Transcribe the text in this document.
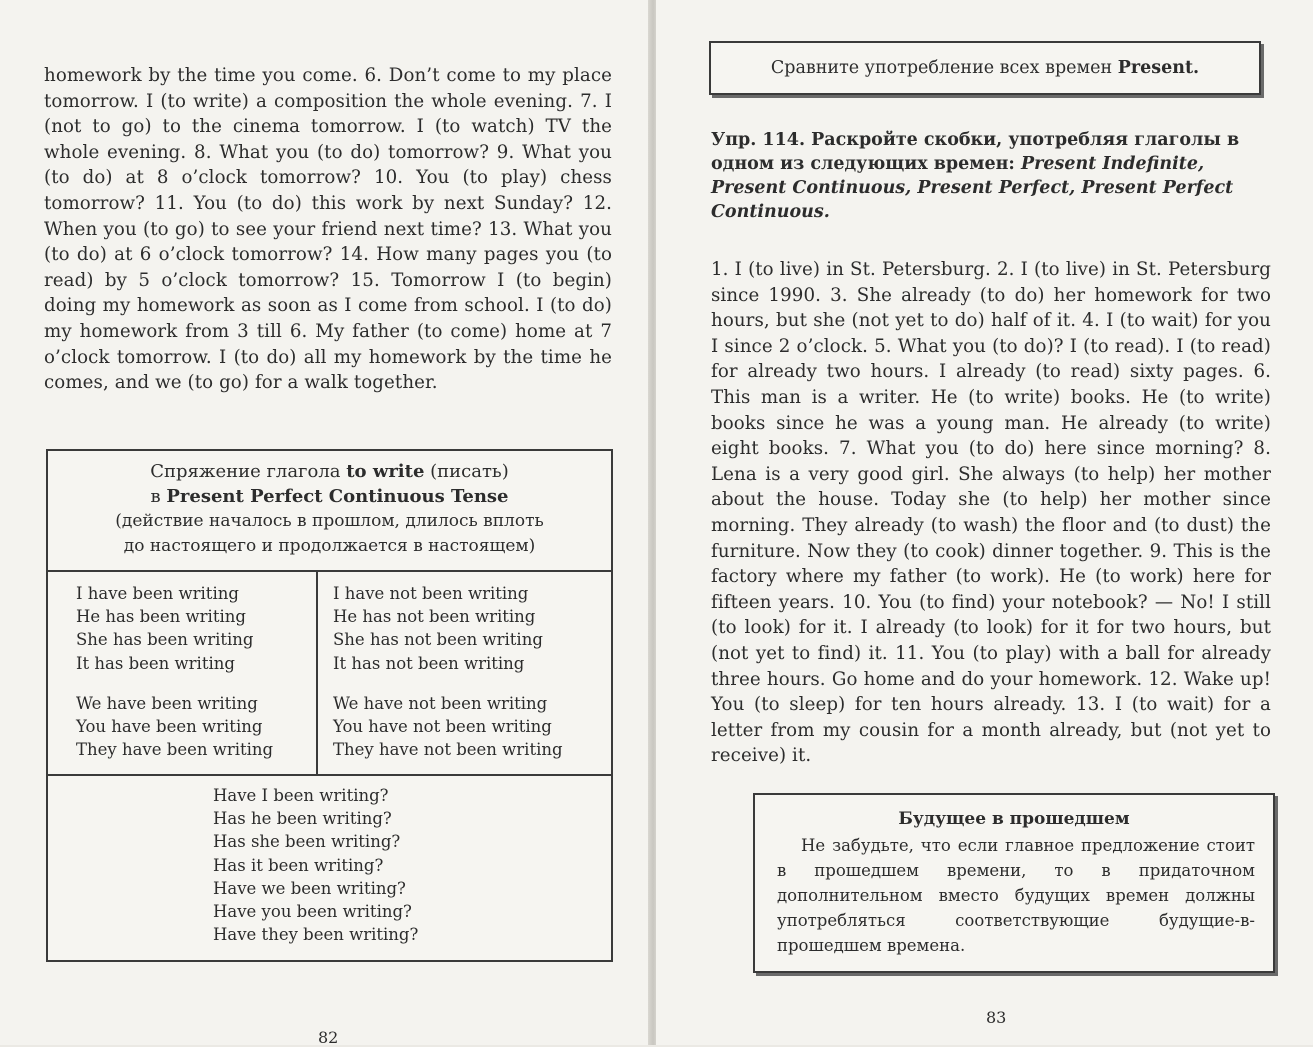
homework by the time you come. 6. Don’t come to my place tomorrow. I (to write) a composition the whole evening. 7. I (not to go) to the cinema tomorrow. I (to watch) TV the whole evening. 8. What you (to do) tomorrow? 9. What you (to do) at 8 o’clock tomorrow? 10. You (to play) chess tomorrow? 11. You (to do) this work by next Sunday? 12. When you (to go) to see your friend next time? 13. What you (to do) at 6 o’clock tomorrow? 14. How many pages you (to read) by 5 o’clock tomorrow? 15. Tomorrow I (to begin) doing my homework as soon as I come from school. I (to do) my homework from 3 till 6. My father (to come) home at 7 o’clock tomorrow. I (to do) all my homework by the time he comes, and we (to go) for a walk together.

Спряжение глагола to write (писать)
в Present Perfect Continuous Tense
(действие началось в прошлом, длилось вплоть
до настоящего и продолжается в настоящем)
I have been writing
He has been writing
She has been writing
It has been writing
We have been writing
You have been writing
They have been writing
I have not been writing
He has not been writing
She has not been writing
It has not been writing
We have not been writing
You have not been writing
They have not been writing
Have I been writing?
Has he been writing?
Has she been writing?
Has it been writing?
Have we been writing?
Have you been writing?
Have they been writing?
82
Сравните употребление всех времен Present.
Упр. 114. Раскройте скобки, употребляя глаголы в одном из следующих времен: Present Indefinite, Present Continuous, Present Perfect, Present Perfect Continuous.

1. I (to live) in St. Petersburg. 2. I (to live) in St. Petersburg since 1990. 3. She already (to do) her homework for two hours, but she (not yet to do) half of it. 4. I (to wait) for you I since 2 o’clock. 5. What you (to do)? I (to read). I (to read) for already two hours. I already (to read) sixty pages. 6. This man is a writer. He (to write) books. He (to write) books since he was a young man. He already (to write) eight books. 7. What you (to do) here since morning? 8. Lena is a very good girl. She always (to help) her mother about the house. Today she (to help) her mother since morning. They already (to wash) the floor and (to dust) the furniture. Now they (to cook) dinner together. 9. This is the factory where my father (to work). He (to work) here for fifteen years. 10. You (to find) your notebook? — No! I still (to look) for it. I already (to look) for it for two hours, but (not yet to find) it. 11. You (to play) with a ball for already three hours. Go home and do your homework. 12. Wake up! You (to sleep) for ten hours already. 13. I (to wait) for a letter from my cousin for a month already, but (not yet to receive) it.

Будущее в прошедшем
Не забудьте, что если главное предложение стоит в прошедшем времени, то в придаточном дополнительном вместо будущих времен должны употребляться соответствующие будущие-в-прошедшем времена.
83
